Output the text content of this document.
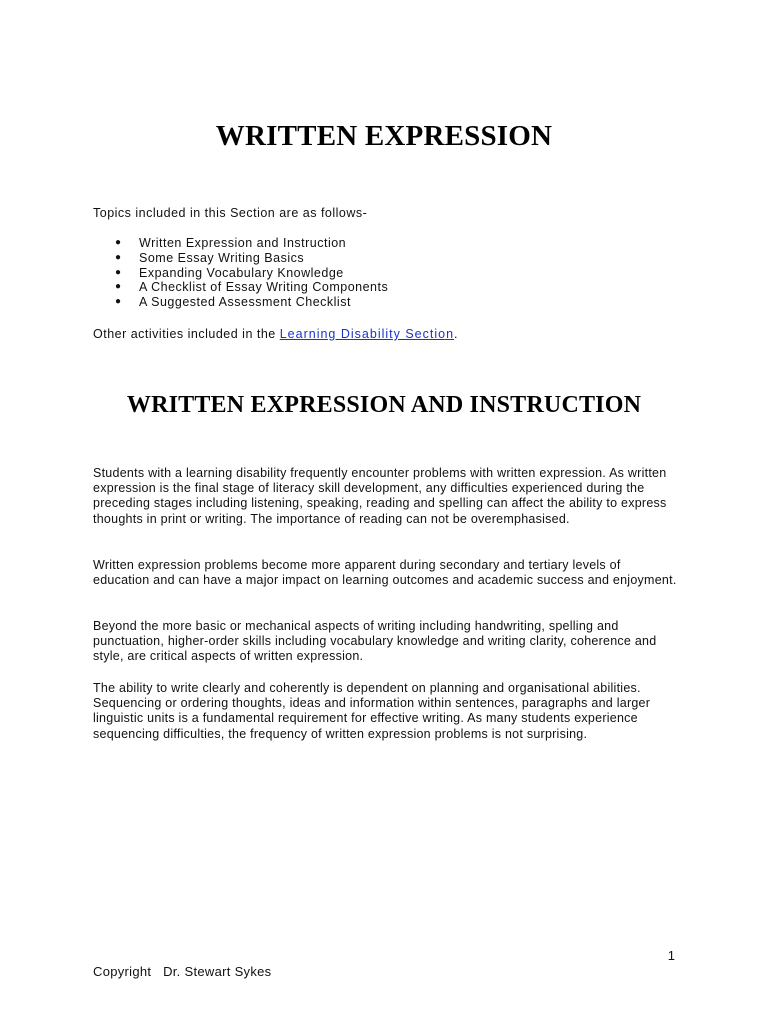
WRITTEN EXPRESSION

Topics included in this Section are as follows-

● Written Expression and Instruction
● Some Essay Writing Basics
● Expanding Vocabulary Knowledge
● A Checklist of Essay Writing Components
● A Suggested Assessment Checklist

Other activities included in the Learning Disability Section.

WRITTEN EXPRESSION AND INSTRUCTION

Students with a learning disability frequently encounter problems with written expression. As written expression is the final stage of literacy skill development, any difficulties experienced during the preceding stages including listening, speaking, reading and spelling can affect the ability to express thoughts in print or writing. The importance of reading can not be overemphasised.

Written expression problems become more apparent during secondary and tertiary levels of education and can have a major impact on learning outcomes and academic success and enjoyment.

Beyond the more basic or mechanical aspects of writing including handwriting, spelling and punctuation, higher-order skills including vocabulary knowledge and writing clarity, coherence and style, are critical aspects of written expression.

The ability to write clearly and coherently is dependent on planning and organisational abilities. Sequencing or ordering thoughts, ideas and information within sentences, paragraphs and larger linguistic units is a fundamental requirement for effective writing. As many students experience sequencing difficulties, the frequency of written expression problems is not surprising.

1

Copyright   Dr. Stewart Sykes
